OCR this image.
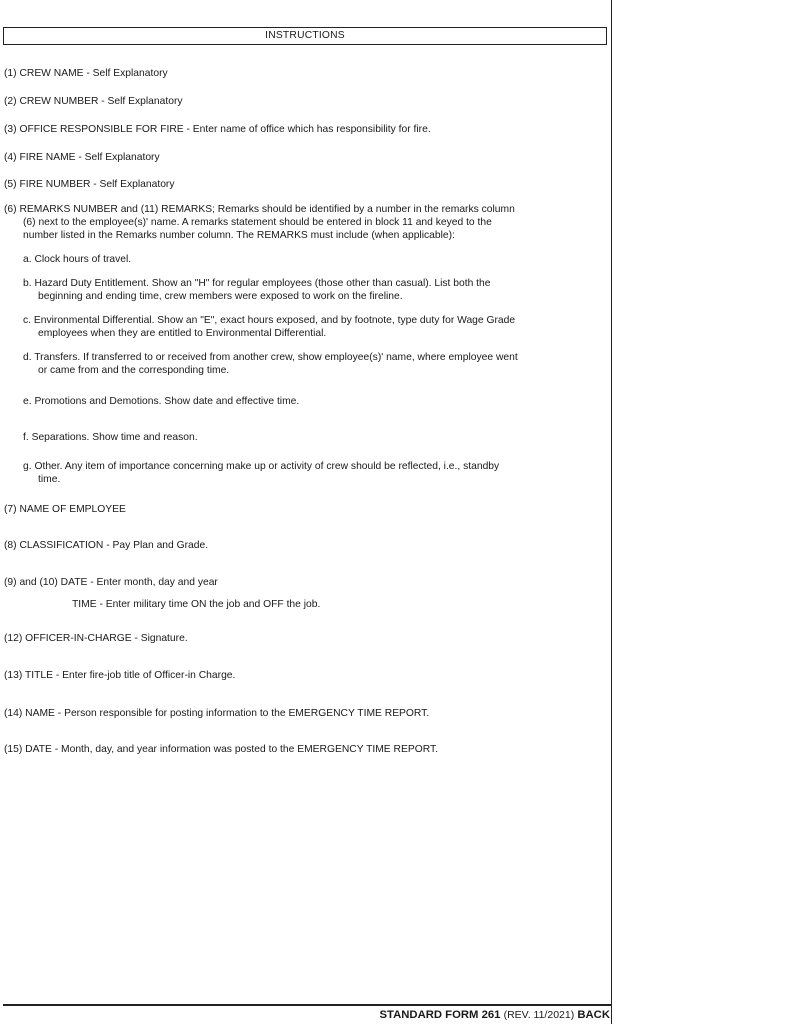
INSTRUCTIONS
(1) CREW NAME - Self Explanatory
(2) CREW NUMBER - Self Explanatory
(3) OFFICE RESPONSIBLE FOR FIRE - Enter name of office which has responsibility for fire.
(4) FIRE NAME - Self Explanatory
(5) FIRE NUMBER - Self Explanatory
(6) REMARKS NUMBER and (11) REMARKS; Remarks should be identified by a number in the remarks column
(6) next to the employee(s)' name. A remarks statement should be entered in block 11 and keyed to the
number listed in the Remarks number column. The REMARKS must include (when applicable):
a. Clock hours of travel.
b. Hazard Duty Entitlement. Show an "H" for regular employees (those other than casual). List both the
beginning and ending time, crew members were exposed to work on the fireline.
c. Environmental Differential. Show an "E", exact hours exposed, and by footnote, type duty for Wage Grade
employees when they are entitled to Environmental Differential.
d. Transfers. If transferred to or received from another crew, show employee(s)' name, where employee went
or came from and the corresponding time.
e. Promotions and Demotions. Show date and effective time.
f. Separations. Show time and reason.
g. Other. Any item of importance concerning make up or activity of crew should be reflected, i.e., standby
time.
(7) NAME OF EMPLOYEE
(8) CLASSIFICATION - Pay Plan and Grade.
(9) and (10) DATE - Enter month, day and year
TIME - Enter military time ON the job and OFF the job.
(12) OFFICER-IN-CHARGE - Signature.
(13) TITLE - Enter fire-job title of Officer-in Charge.
(14) NAME - Person responsible for posting information to the EMERGENCY TIME REPORT.
(15) DATE - Month, day, and year information was posted to the EMERGENCY TIME REPORT.
STANDARD FORM 261 (REV. 11/2021) BACK
